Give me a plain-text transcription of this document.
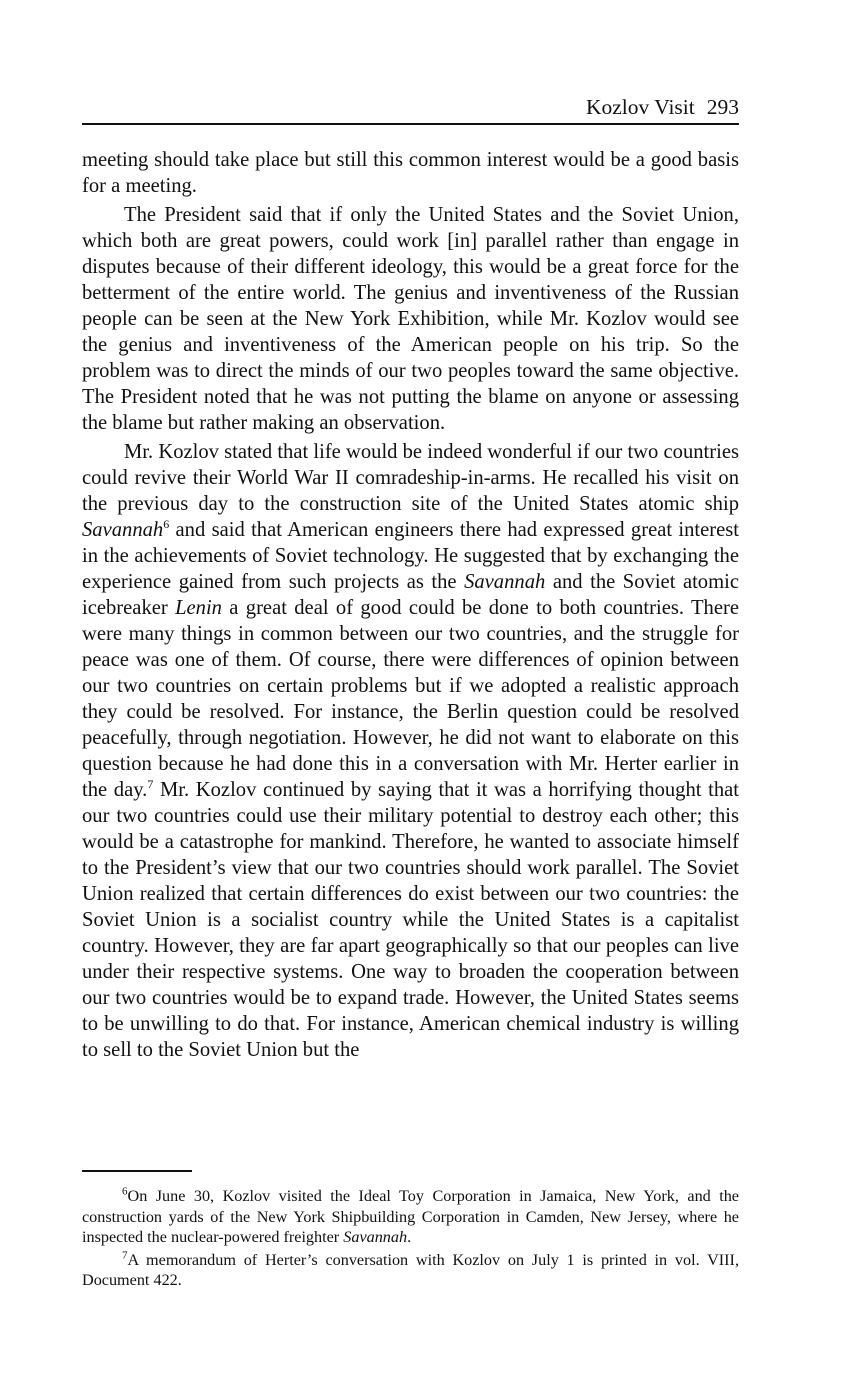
Kozlov Visit 293

meeting should take place but still this common interest would be a good basis for a meeting.

The President said that if only the United States and the Soviet Union, which both are great powers, could work [in] parallel rather than engage in disputes because of their different ideology, this would be a great force for the betterment of the entire world. The genius and inventiveness of the Russian people can be seen at the New York Exhibition, while Mr. Kozlov would see the genius and inventiveness of the American people on his trip. So the problem was to direct the minds of our two peoples toward the same objective. The President noted that he was not putting the blame on anyone or assessing the blame but rather making an observation.

Mr. Kozlov stated that life would be indeed wonderful if our two countries could revive their World War II comradeship-in-arms. He recalled his visit on the previous day to the construction site of the United States atomic ship Savannah$^6$ and said that American engineers there had expressed great interest in the achievements of Soviet technology. He suggested that by exchanging the experience gained from such projects as the Savannah and the Soviet atomic icebreaker Lenin a great deal of good could be done to both countries. There were many things in common between our two countries, and the struggle for peace was one of them. Of course, there were differences of opinion between our two countries on certain problems but if we adopted a realistic approach they could be resolved. For instance, the Berlin question could be resolved peacefully, through negotiation. However, he did not want to elaborate on this question because he had done this in a conversation with Mr. Herter earlier in the day.$^7$ Mr. Kozlov continued by saying that it was a horrifying thought that our two countries could use their military potential to destroy each other; this would be a catastrophe for mankind. Therefore, he wanted to associate himself to the President’s view that our two countries should work parallel. The Soviet Union realized that certain differences do exist between our two countries: the Soviet Union is a socialist country while the United States is a capitalist country. However, they are far apart geographically so that our peoples can live under their respective systems. One way to broaden the cooperation between our two countries would be to expand trade. However, the United States seems to be unwilling to do that. For instance, American chemical industry is willing to sell to the Soviet Union but the

$^6$On June 30, Kozlov visited the Ideal Toy Corporation in Jamaica, New York, and the construction yards of the New York Shipbuilding Corporation in Camden, New Jersey, where he inspected the nuclear-powered freighter Savannah.

$^7$A memorandum of Herter’s conversation with Kozlov on July 1 is printed in vol. VIII, Document 422.
